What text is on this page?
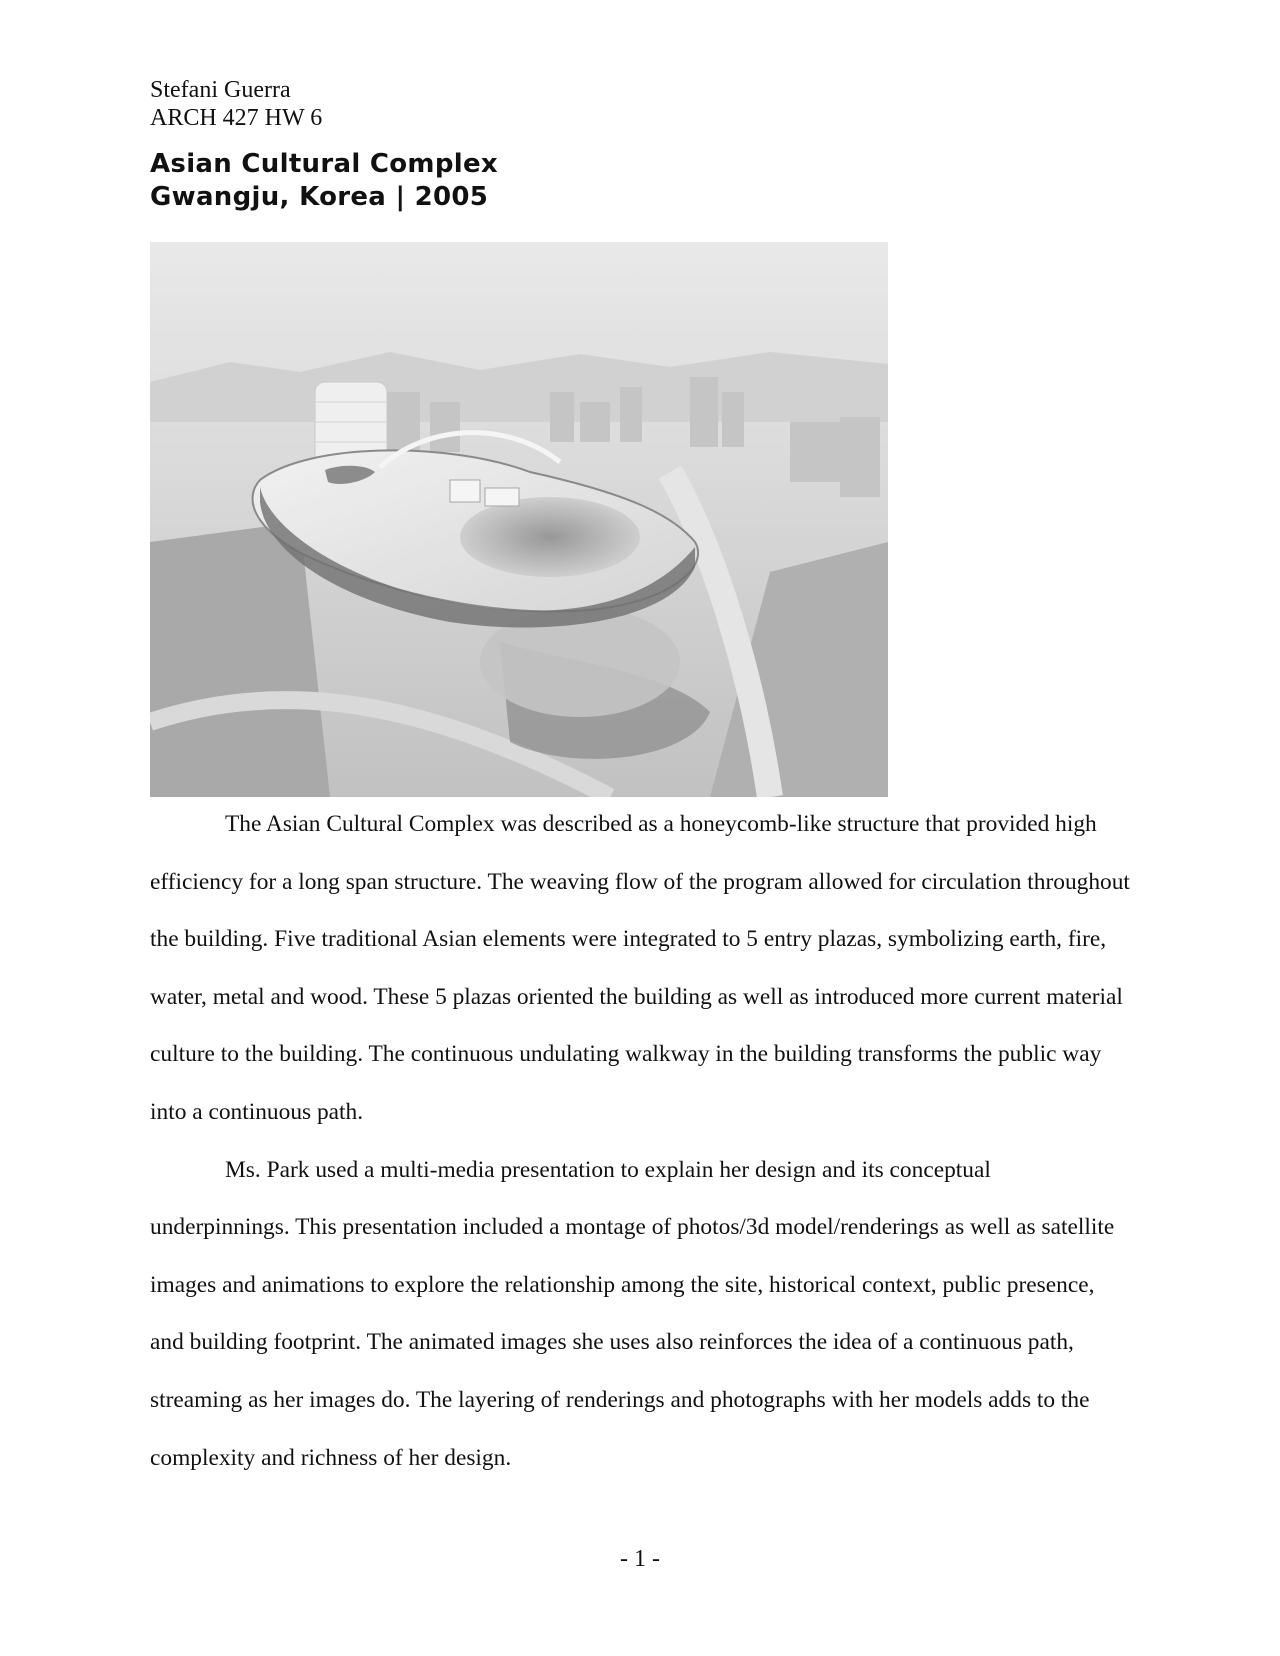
Stefani Guerra
ARCH 427 HW 6
Asian Cultural Complex
Gwangju, Korea | 2005

The Asian Cultural Complex was described as a honeycomb-like structure that provided high efficiency for a long span structure. The weaving flow of the program allowed for circulation throughout the building. Five traditional Asian elements were integrated to 5 entry plazas, symbolizing earth, fire, water, metal and wood. These 5 plazas oriented the building as well as introduced more current material culture to the building. The continuous undulating walkway in the building transforms the public way into a continuous path.

Ms. Park used a multi-media presentation to explain her design and its conceptual underpinnings. This presentation included a montage of photos/3d model/renderings as well as satellite images and animations to explore the relationship among the site, historical context, public presence, and building footprint. The animated images she uses also reinforces the idea of a continuous path, streaming as her images do. The layering of renderings and photographs with her models adds to the complexity and richness of her design.

- 1 -
